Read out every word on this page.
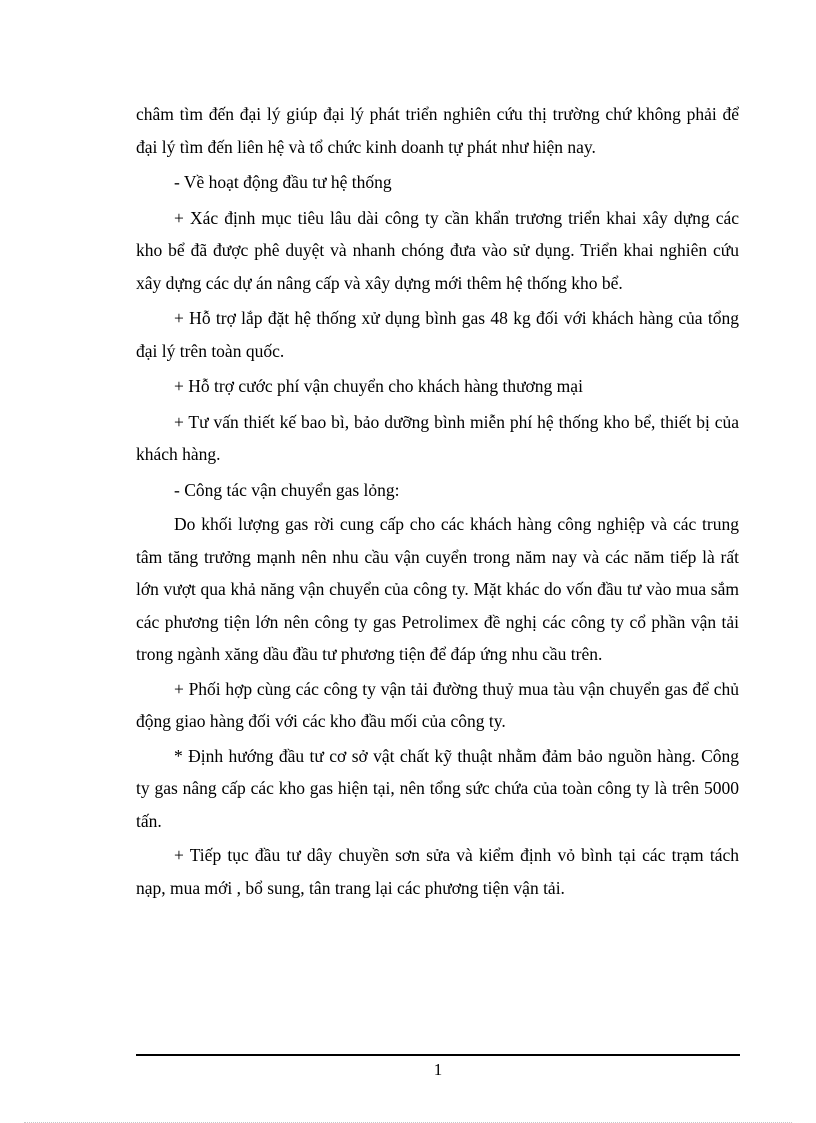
châm tìm đến đại lý giúp đại lý phát triển nghiên cứu thị trường chứ không phải để đại lý tìm đến liên hệ và tổ chức kinh doanh tự phát như hiện nay.

- Về hoạt động đầu tư hệ thống

+ Xác định mục tiêu lâu dài công ty cần khẩn trương triển khai xây dựng các kho bể đã được phê duyệt và nhanh chóng đưa vào sử dụng. Triển khai nghiên cứu xây dựng các dự án nâng cấp và xây dựng mới thêm hệ thống kho bể.

+ Hỗ trợ lắp đặt hệ thống xử dụng bình gas 48 kg đối với khách hàng của tổng đại lý trên toàn quốc.

+ Hỗ trợ cước phí vận chuyển cho khách hàng thương mại

+ Tư vấn thiết kế bao bì, bảo dưỡng bình miễn phí hệ thống kho bể, thiết bị của khách hàng.

- Công tác vận chuyển gas lỏng:

Do khối lượng gas rời cung cấp cho các khách hàng công nghiệp và các trung tâm tăng trưởng mạnh nên nhu cầu vận cuyển trong năm nay và các năm tiếp là rất lớn vượt qua khả năng vận chuyển của công ty. Mặt khác do vốn đầu tư vào mua sắm các phương tiện lớn nên công ty gas Petrolimex đề nghị các công ty cổ phần vận tải trong ngành xăng dầu đầu tư phương tiện để đáp ứng nhu cầu trên.

+ Phối hợp cùng các công ty vận tải đường thuỷ mua tàu vận chuyển gas để chủ động giao hàng đối với các kho đầu mối của công ty.

* Định hướng đầu tư cơ sở vật chất kỹ thuật nhằm đảm bảo nguồn hàng. Công ty gas nâng cấp các kho gas hiện tại, nên tổng sức chứa của toàn công ty là trên 5000 tấn.

+ Tiếp tục đầu tư dây chuyền sơn sửa và kiểm định vỏ bình tại các trạm tách nạp, mua mới , bổ sung, tân trang lại các phương tiện vận tải.

1
